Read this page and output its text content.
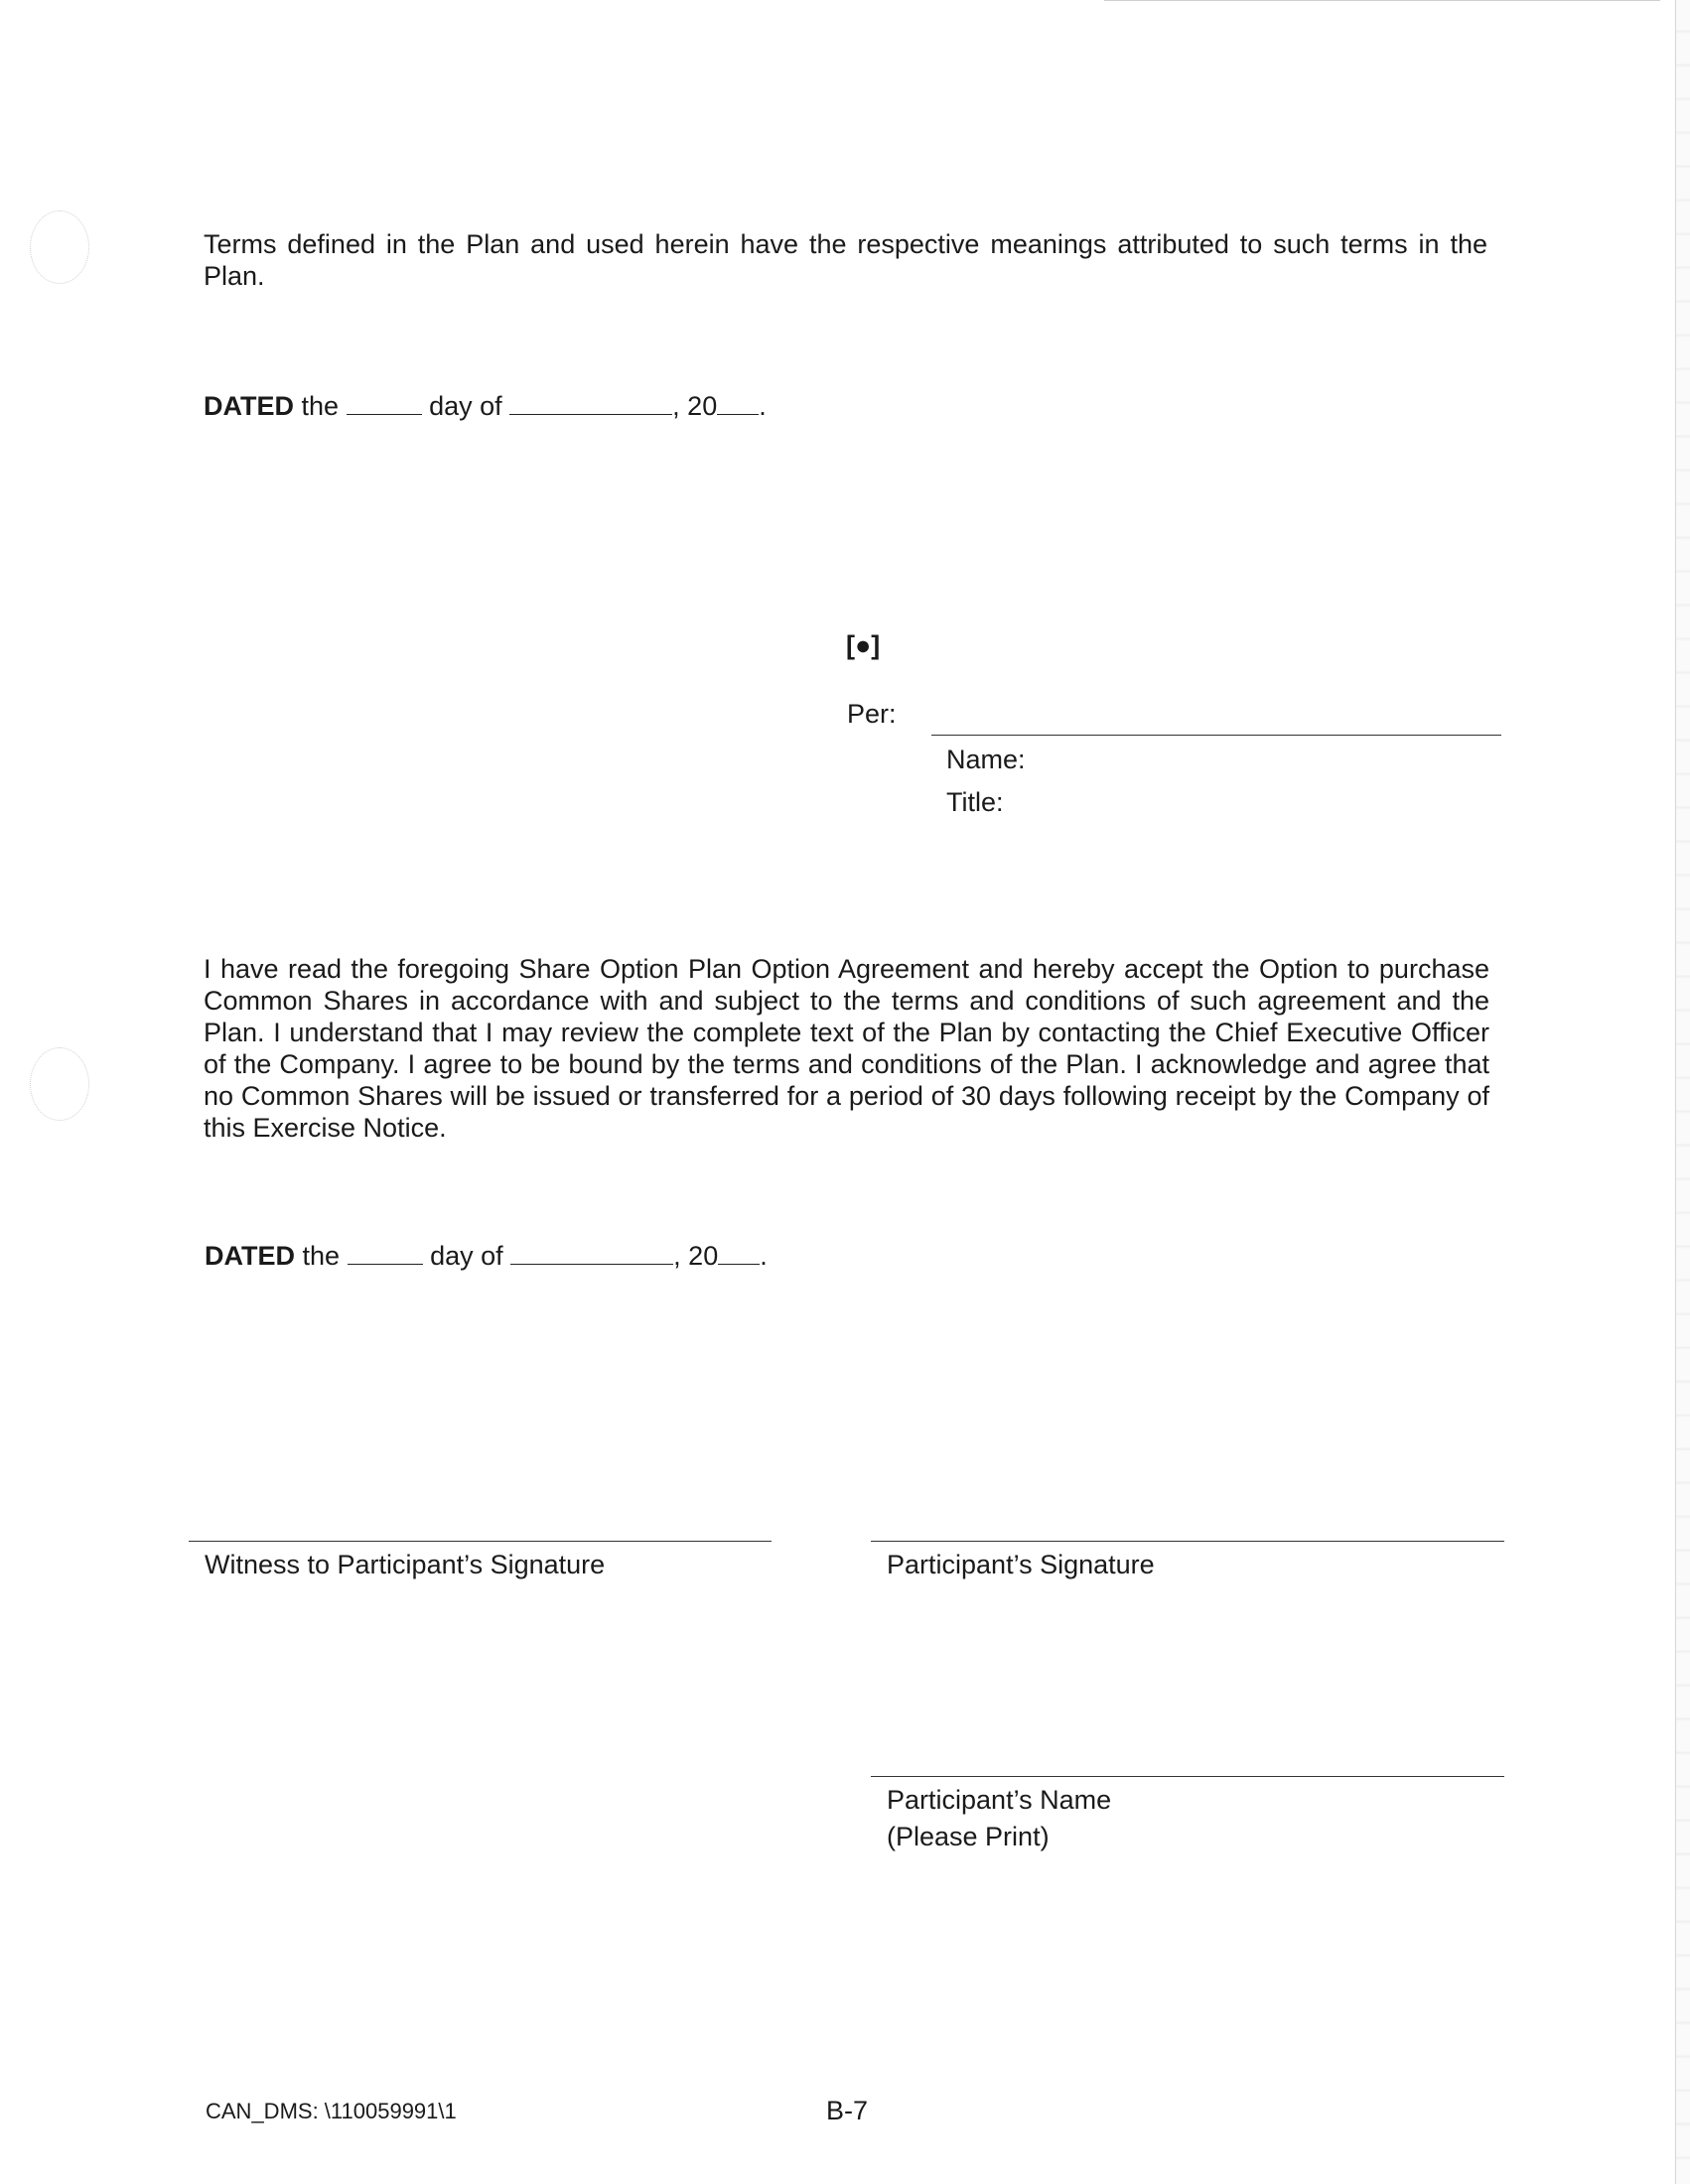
Terms defined in the Plan and used herein have the respective meanings attributed to such terms in the Plan.
DATED the	day of	, 20 .
[●]
Per:
Name:
Title:
I have read the foregoing Share Option Plan Option Agreement and hereby accept the Option to purchase Common Shares in accordance with and subject to the terms and conditions of such agreement and the Plan. I understand that I may review the complete text of the Plan by contacting the Chief Executive Officer of the Company. I agree to be bound by the terms and conditions of the Plan. I acknowledge and agree that no Common Shares will be issued or transferred for a period of 30 days following receipt by the Company of this Exercise Notice.
DATED the	day of	, 20 .
Witness to Participant’s Signature	Participant’s Signature
Participant’s Name
(Please Print)
CAN_DMS: \110059991\1	B-7
